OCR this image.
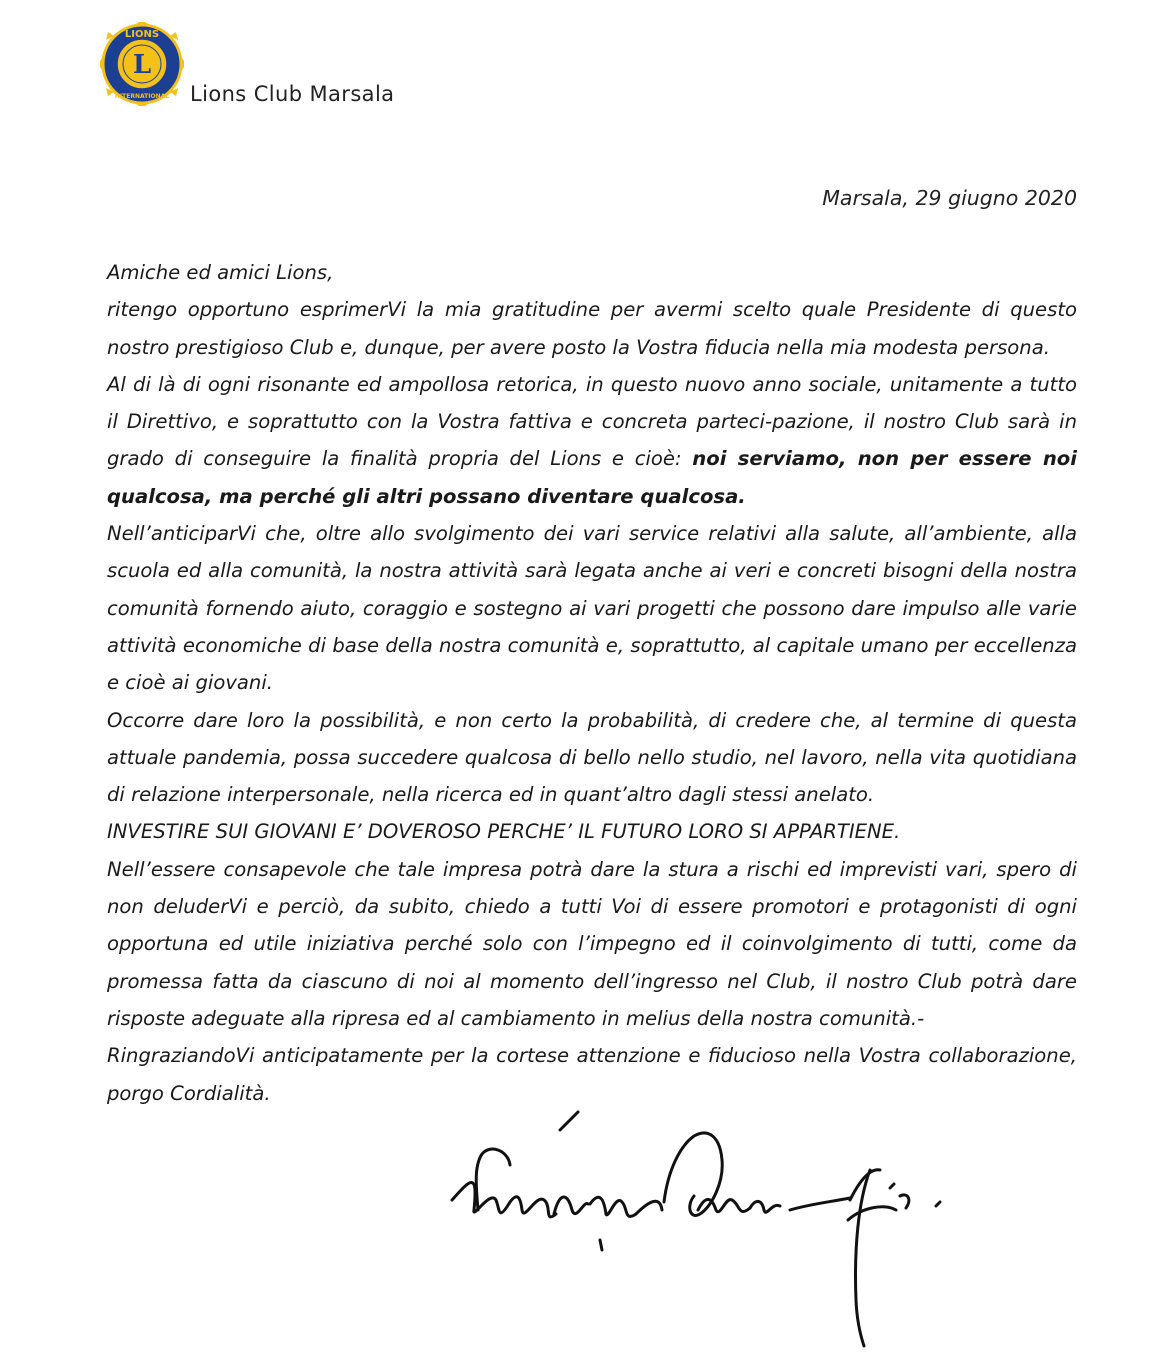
LIONS
L
INTERNATIONAL Lions Club Marsala
Marsala, 29 giugno 2020

Amiche ed amici Lions,

ritengo opportuno esprimerVi la mia gratitudine per avermi scelto quale Presidente di questo nostro prestigioso Club e, dunque, per avere posto la Vostra fiducia nella mia modesta persona.

Al di là di ogni risonante ed ampollosa retorica, in questo nuovo anno sociale, unitamente a tutto il Direttivo, e soprattutto con la Vostra fattiva e concreta parteci-pazione, il nostro Club sarà in grado di conseguire la finalità propria del Lions e cioè: noi serviamo, non per essere noi qualcosa, ma perché gli altri possano diventare qualcosa.

Nell’anticiparVi che, oltre allo svolgimento dei vari service relativi alla salute, all’ambiente, alla scuola ed alla comunità, la nostra attività sarà legata anche ai veri e concreti bisogni della nostra comunità fornendo aiuto, coraggio e sostegno ai vari progetti che possono dare impulso alle varie attività economiche di base della nostra comunità e, soprattutto, al capitale umano per eccellenza e cioè ai giovani.

Occorre dare loro la possibilità, e non certo la probabilità, di credere che, al termine di questa attuale pandemia, possa succedere qualcosa di bello nello studio, nel lavoro, nella vita quotidiana di relazione interpersonale, nella ricerca ed in quant’altro dagli stessi anelato.

INVESTIRE SUI GIOVANI E’ DOVEROSO PERCHE’ IL FUTURO LORO SI APPARTIENE.

Nell’essere consapevole che tale impresa potrà dare la stura a rischi ed imprevisti vari, spero di non deluderVi e perciò, da subito, chiedo a tutti Voi di essere promotori e protagonisti di ogni opportuna ed utile iniziativa perché solo con l’impegno ed il coinvolgimento di tutti, come da promessa fatta da ciascuno di noi al momento dell’ingresso nel Club, il nostro Club potrà dare risposte adeguate alla ripresa ed al cambiamento in melius della nostra comunità.-

RingraziandoVi anticipatamente per la cortese attenzione e fiducioso nella Vostra collaborazione, porgo Cordialità.
